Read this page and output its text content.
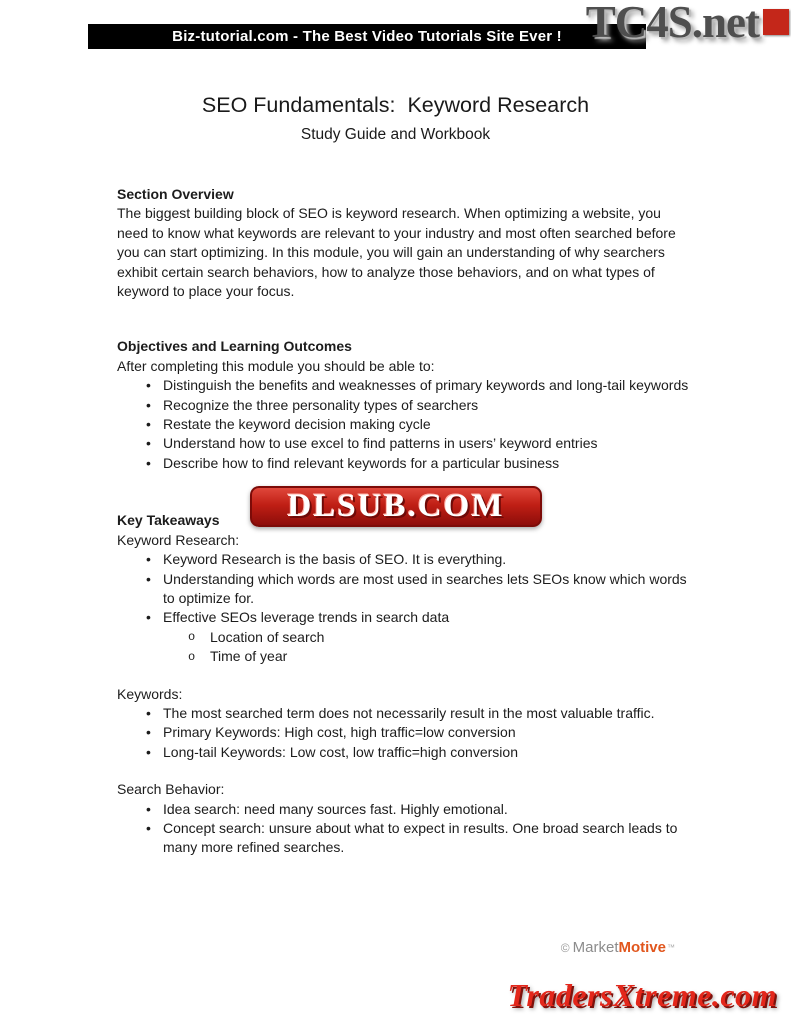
Biz-tutorial.com - The Best Video Tutorials Site Ever ! TC4S.net
SEO Fundamentals:  Keyword Research
Study Guide and Workbook

Section Overview

The biggest building block of SEO is keyword research. When optimizing a website, you need to know what keywords are relevant to your industry and most often searched before you can start optimizing. In this module, you will gain an understanding of why searchers exhibit certain search behaviors, how to analyze those behaviors, and on what types of keyword to place your focus.

Objectives and Learning Outcomes

After completing this module you should be able to:

• Distinguish the benefits and weaknesses of primary keywords and long-tail keywords
• Recognize the three personality types of searchers
• Restate the keyword decision making cycle
• Understand how to use excel to find patterns in users’ keyword entries
• Describe how to find relevant keywords for a particular business

Key Takeaways

Keyword Research:

• Keyword Research is the basis of SEO. It is everything.
• Understanding which words are most used in searches lets SEOs know which words to optimize for.
• Effective SEOs leverage trends in search data
o Location of search
o Time of year

Keywords:

• The most searched term does not necessarily result in the most valuable traffic.
• Primary Keywords: High cost, high traffic=low conversion
• Long-tail Keywords: Low cost, low traffic=high conversion

Search Behavior:

• Idea search: need many sources fast. Highly emotional.
• Concept search: unsure about what to expect in results. One broad search leads to many more refined searches.
DLSUB.COM
© Market Motive ™
TradersXtreme.com
